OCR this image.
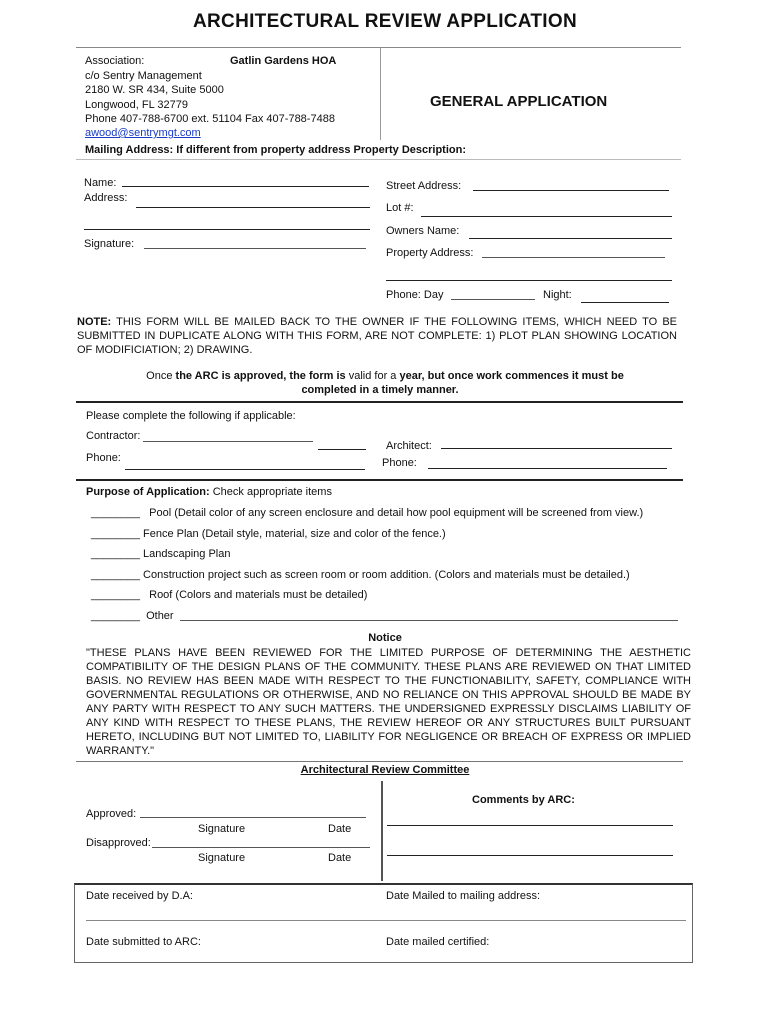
ARCHITECTURAL REVIEW APPLICATION
Association:	Gatlin Gardens HOA
c/o Sentry Management
2180 W. SR 434, Suite 5000
Longwood, FL 32779
Phone 407-788-6700 ext. 51104 Fax 407-788-7488
awood@sentrymgt.com
GENERAL APPLICATION
Mailing Address: If different from property address Property Description:
Name:
Address:
Signature:
Street Address:
Lot #:
Owners Name:
Property Address:
Phone: Day	Night:
NOTE: THIS FORM WILL BE MAILED BACK TO THE OWNER IF THE FOLLOWING ITEMS, WHICH NEED TO BE SUBMITTED IN DUPLICATE ALONG WITH THIS FORM, ARE NOT COMPLETE: 1) PLOT PLAN SHOWING LOCATION OF MODIFICIATION; 2) DRAWING.
Once the ARC is approved, the form is valid for a year, but once work commences it must be
completed in a timely manner.
Please complete the following if applicable:
Contractor:
Architect:
Phone:	Phone:
Purpose of Application: Check appropriate items
________ Pool (Detail color of any screen enclosure and detail how pool equipment will be screened from view.)
________ Fence Plan (Detail style, material, size and color of the fence.)
________ Landscaping Plan
________ Construction project such as screen room or room addition. (Colors and materials must be detailed.)
________ Roof (Colors and materials must be detailed)
________ Other
Notice
"THESE PLANS HAVE BEEN REVIEWED FOR THE LIMITED PURPOSE OF DETERMINING THE AESTHETIC COMPATIBILITY OF THE DESIGN PLANS OF THE COMMUNITY. THESE PLANS ARE REVIEWED ON THAT LIMITED BASIS. NO REVIEW HAS BEEN MADE WITH RESPECT TO THE FUNCTIONABILITY, SAFETY, COMPLIANCE WITH GOVERNMENTAL REGULATIONS OR OTHERWISE, AND NO RELIANCE ON THIS APPROVAL SHOULD BE MADE BY ANY PARTY WITH RESPECT TO ANY SUCH MATTERS. THE UNDERSIGNED EXPRESSLY DISCLAIMS LIABILITY OF ANY KIND WITH RESPECT TO THESE PLANS, THE REVIEW HEREOF OR ANY STRUCTURES BUILT PURSUANT HERETO, INCLUDING BUT NOT LIMITED TO, LIABILITY FOR NEGLIGENCE OR BREACH OF EXPRESS OR IMPLIED WARRANTY."
Architectural Review Committee
Approved:
Signature	Date
Disapproved:
Signature	Date
Comments by ARC:
Date received by D.A:	Date Mailed to mailing address:
Date submitted to ARC:	Date mailed certified:
